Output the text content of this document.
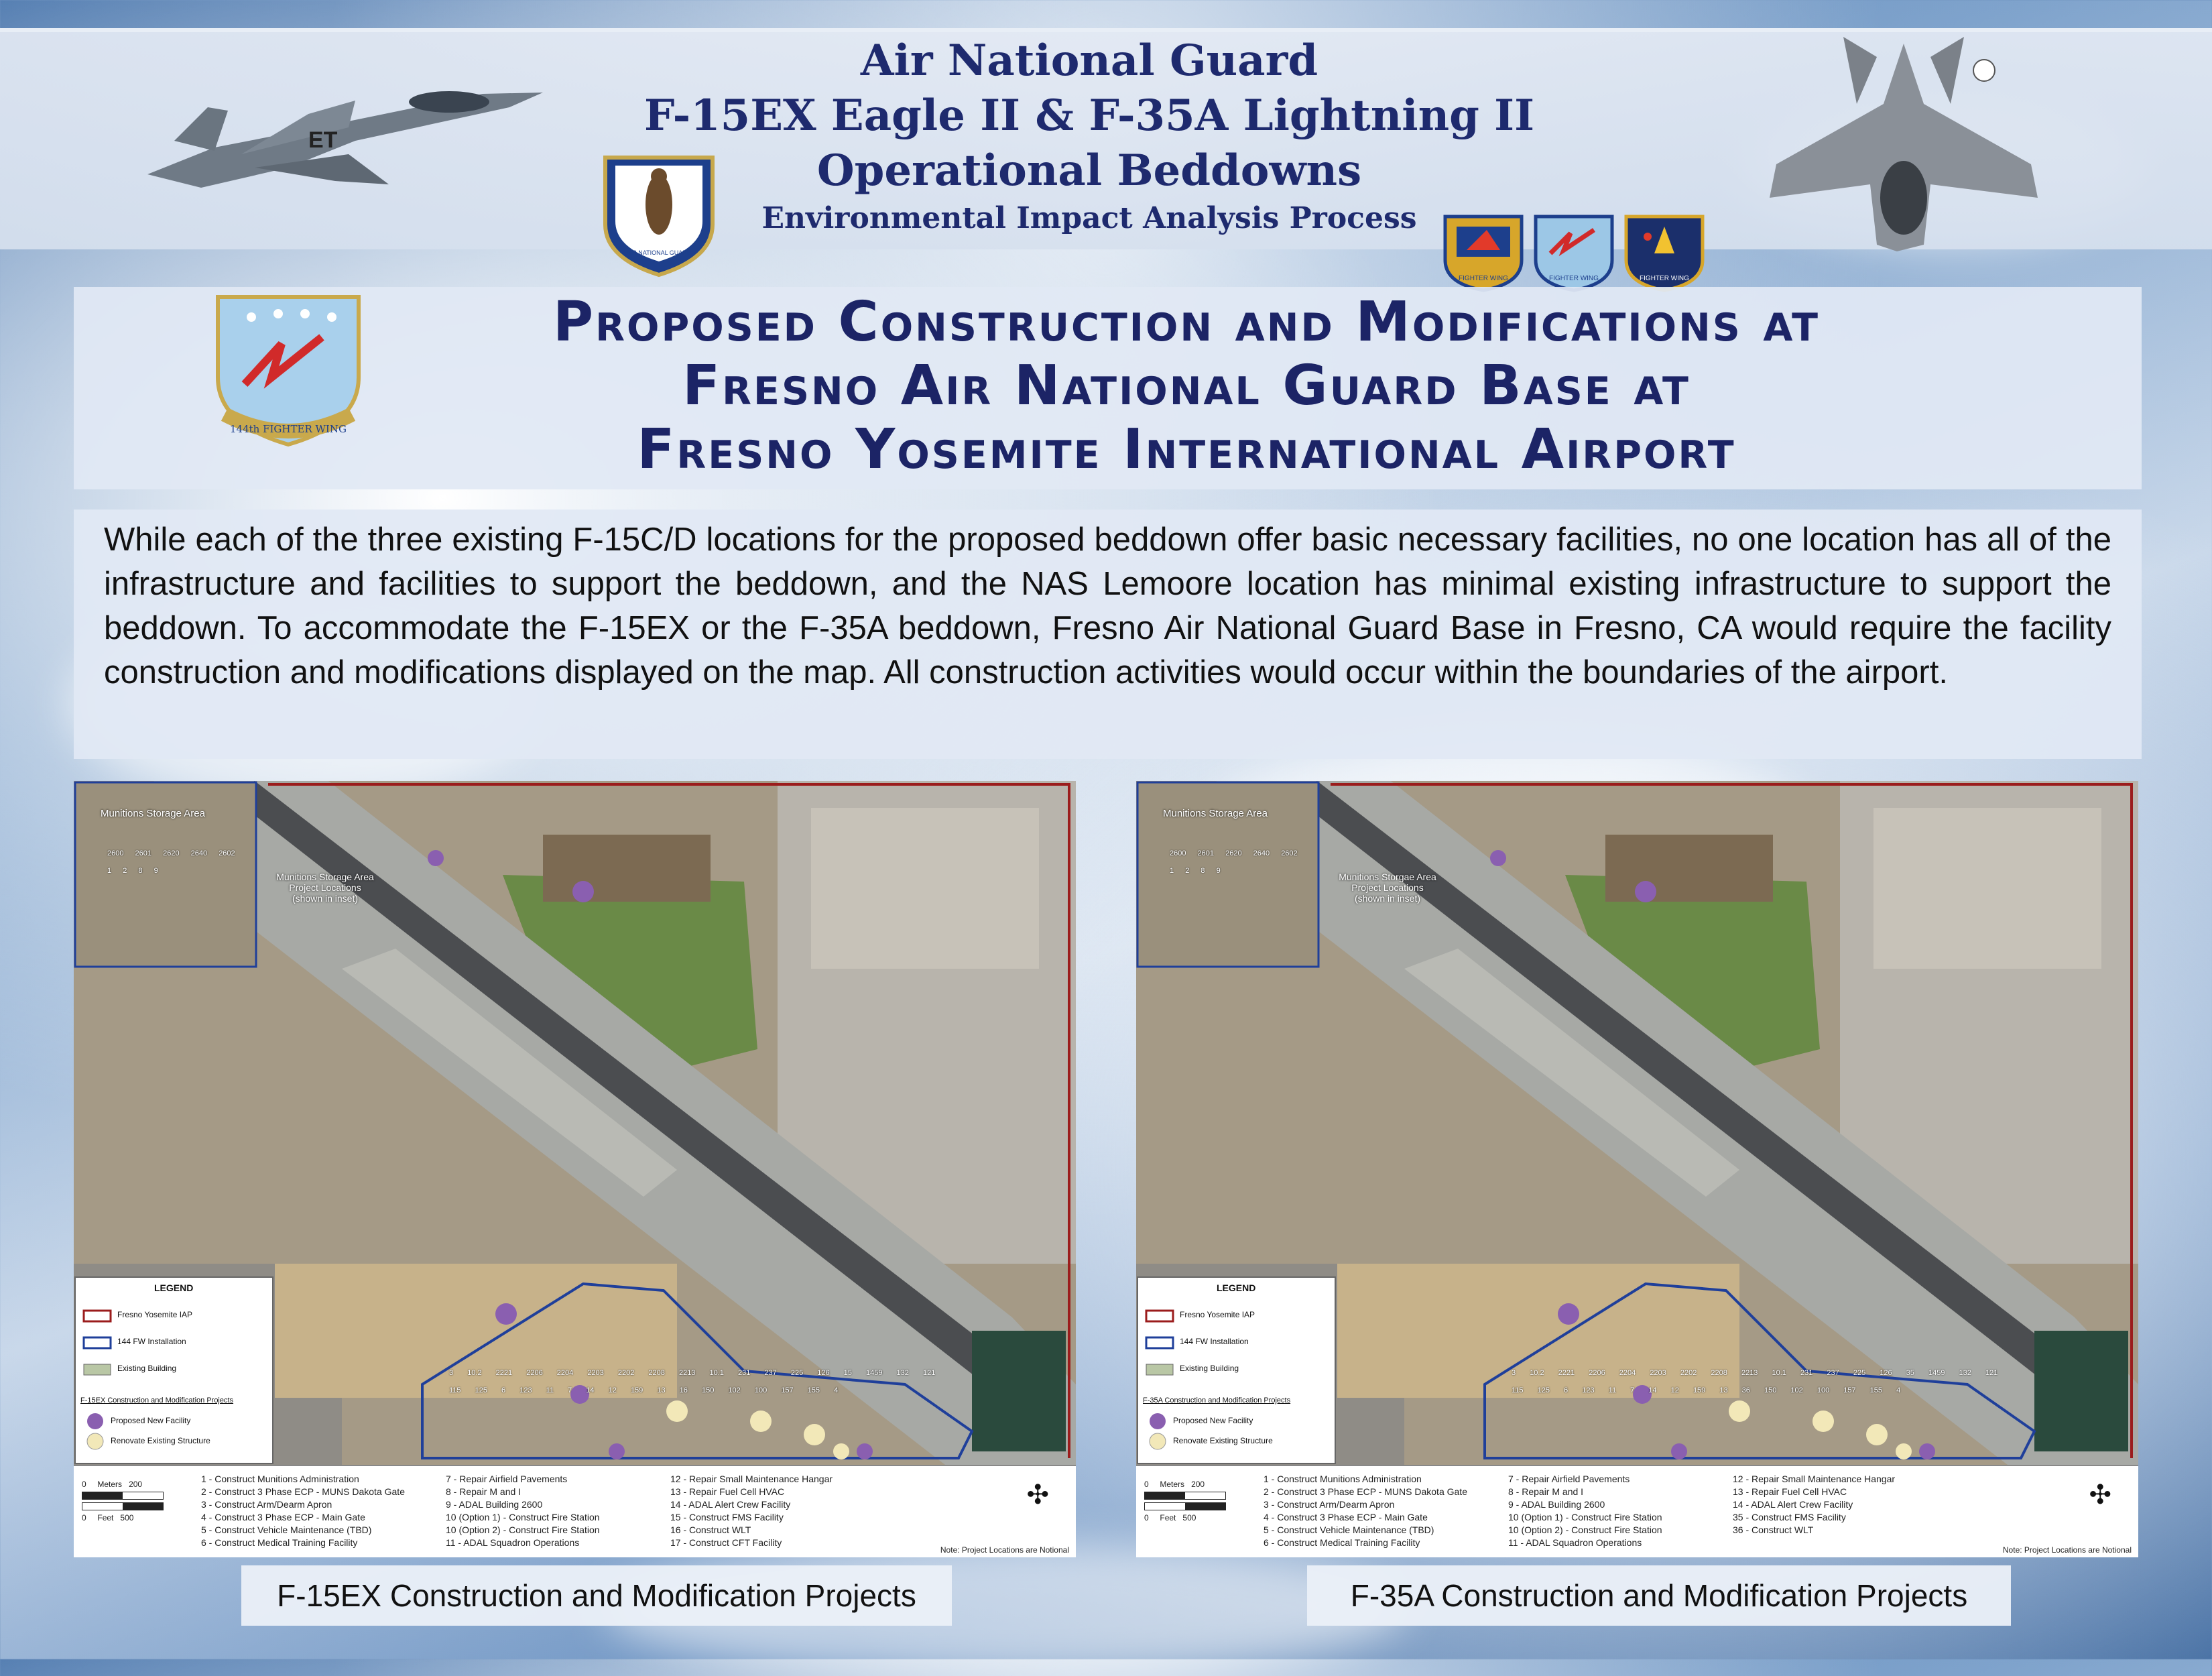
ET
AIR NATIONAL GUARD
Air National Guard
F-15EX Eagle II & F-35A Lightning II
Operational Beddowns
Environmental Impact Analysis Process
FIGHTER WING	FIGHTER WING	FIGHTER WING
144th FIGHTER WING
Proposed Construction and Modifications at
Fresno Air National Guard Base at
Fresno Yosemite International Airport

While each of the three existing F-15C/D locations for the proposed beddown offer basic necessary facilities, no one location has all of the infrastructure and facilities to support the beddown, and the NAS Lemoore location has minimal existing infrastructure to support the beddown. To accommodate the F-15EX or the F-35A beddown, Fresno Air National Guard Base in Fresno, CA would require the facility construction and modifications displayed on the map. All construction activities would occur within the boundaries of the airport.

Munitions Storage Area
Munitions Storage Area Project Locations (shown in inset)
LEGEND
Fresno Yosemite IAP
144 FW Installation
Existing Building
F-15EX Construction and Modification Projects
Proposed New Facility
Renovate Existing Structure
2600 2601 2620 2640 2602 1 2 8 9
3 10.2 2221 2206 2204 2203 2202 2208 2213 10.1 231 237 225 126 15 1459 132 121 115 125 6 123 11 7 14 12 159 13 16 150 102 100 157 155 4
0 Meters 200
0 Feet 500
1 - Construct Munitions Administration
2 - Construct 3 Phase ECP - MUNS Dakota Gate
3 - Construct Arm/Dearm Apron
4 - Construct 3 Phase ECP - Main Gate
5 - Construct Vehicle Maintenance (TBD)
6 - Construct Medical Training Facility
7 - Repair Airfield Pavements
8 - Repair M and I
9 - ADAL Building 2600
10 (Option 1) - Construct Fire Station
10 (Option 2) - Construct Fire Station
11 - ADAL Squadron Operations
12 - Repair Small Maintenance Hangar
13 - Repair Fuel Cell HVAC
14 - ADAL Alert Crew Facility
15 - Construct FMS Facility
16 - Construct WLT
17 - Construct CFT Facility
✣
Note: Project Locations are Notional
Munitions Storage Area
Munitions Storgae Area Project Locations (shown in inset)
LEGEND
Fresno Yosemite IAP
144 FW Installation
Existing Building
F-35A Construction and Modification Projects
Proposed New Facility
Renovate Existing Structure
2600 2601 2620 2640 2602 1 2 8 9
3 10.2 2221 2206 2204 2203 2202 2208 2213 10.1 231 237 225 126 35 1459 132 121 115 125 6 123 11 7 14 12 159 13 36 150 102 100 157 155 4
0 Meters 200
0 Feet 500
1 - Construct Munitions Administration
2 - Construct 3 Phase ECP - MUNS Dakota Gate
3 - Construct Arm/Dearm Apron
4 - Construct 3 Phase ECP - Main Gate
5 - Construct Vehicle Maintenance (TBD)
6 - Construct Medical Training Facility
7 - Repair Airfield Pavements
8 - Repair M and I
9 - ADAL Building 2600
10 (Option 1) - Construct Fire Station
10 (Option 2) - Construct Fire Station
11 - ADAL Squadron Operations
12 - Repair Small Maintenance Hangar
13 - Repair Fuel Cell HVAC
14 - ADAL Alert Crew Facility
35 - Construct FMS Facility
36 - Construct WLT
✣
Note: Project Locations are Notional
F-15EX Construction and Modification Projects	F-35A Construction and Modification Projects
